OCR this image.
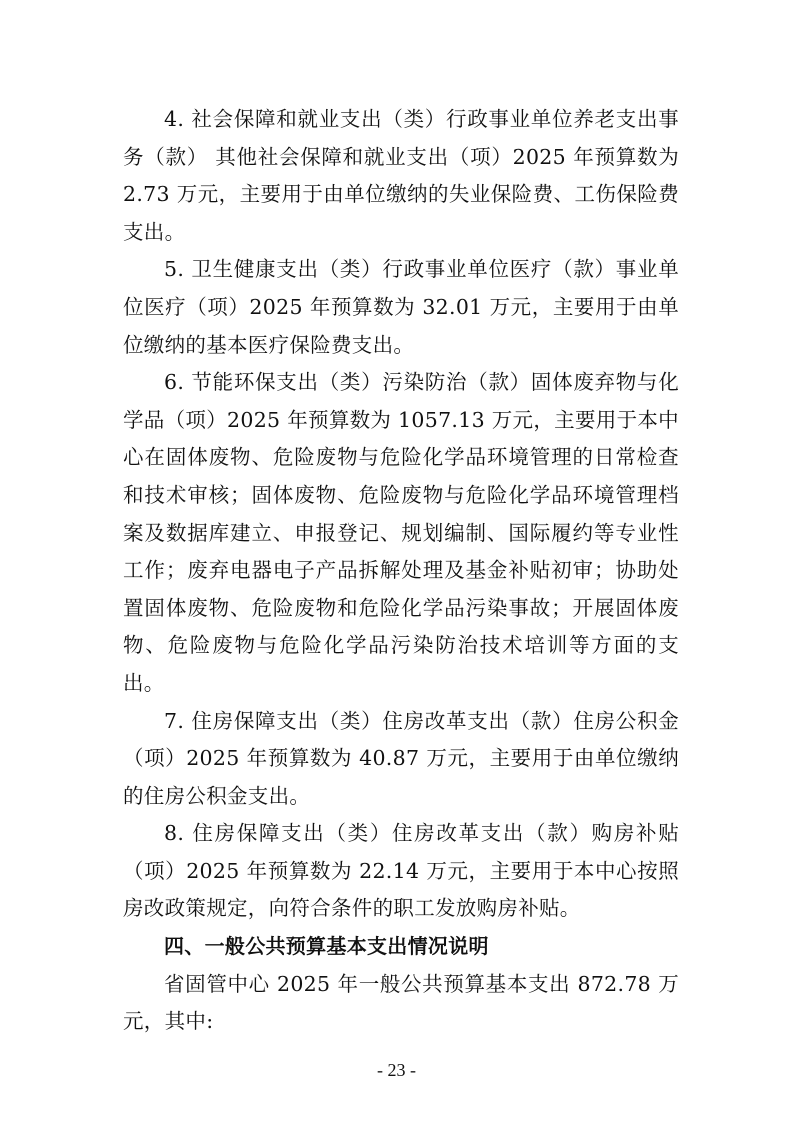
4. 社会保障和就业支出（类）行政事业单位养老支出事务（款） 其他社会保障和就业支出（项）2025 年预算数为 2.73 万元，主要用于由单位缴纳的失业保险费、工伤保险费支出。

5. 卫生健康支出（类）行政事业单位医疗（款）事业单位医疗（项）2025 年预算数为 32.01 万元，主要用于由单位缴纳的基本医疗保险费支出。

6. 节能环保支出（类）污染防治（款）固体废弃物与化学品（项）2025 年预算数为 1057.13 万元，主要用于本中心在固体废物、危险废物与危险化学品环境管理的日常检查和技术审核；固体废物、危险废物与危险化学品环境管理档案及数据库建立、申报登记、规划编制、国际履约等专业性工作；废弃电器电子产品拆解处理及基金补贴初审；协助处置固体废物、危险废物和危险化学品污染事故；开展固体废物、危险废物与危险化学品污染防治技术培训等方面的支出。

7. 住房保障支出（类）住房改革支出（款）住房公积金（项）2025 年预算数为 40.87 万元，主要用于由单位缴纳的住房公积金支出。

8. 住房保障支出（类）住房改革支出（款）购房补贴（项）2025 年预算数为 22.14 万元，主要用于本中心按照房改政策规定，向符合条件的职工发放购房补贴。

四、一般公共预算基本支出情况说明

省固管中心 2025 年一般公共预算基本支出 872.78 万元，其中:

- 23 -
